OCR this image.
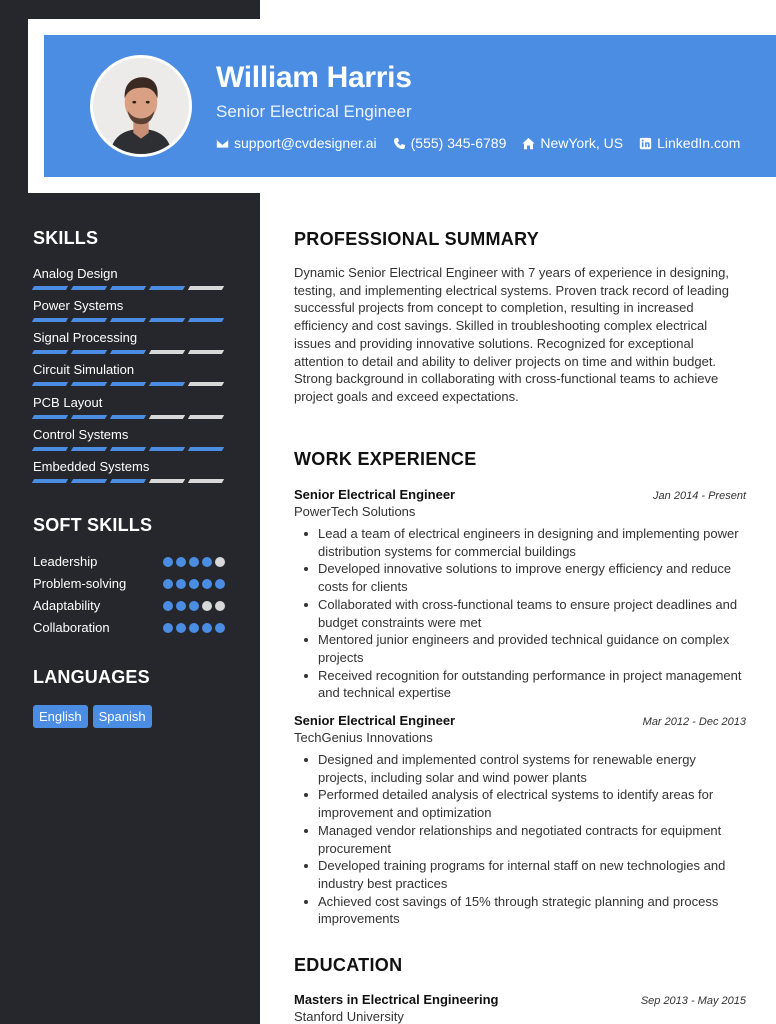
William Harris
Senior Electrical Engineer
support@cvdesigner.ai (555) 345-6789 NewYork, US LinkedIn.com
SKILLS
Analog Design
Power Systems
Signal Processing
Circuit Simulation
PCB Layout
Control Systems
Embedded Systems
SOFT SKILLS
Leadership
Problem-solving
Adaptability
Collaboration
LANGUAGES
English	Spanish
PROFESSIONAL SUMMARY
Dynamic Senior Electrical Engineer with 7 years of experience in designing, testing, and implementing electrical systems. Proven track record of leading successful projects from concept to completion, resulting in increased efficiency and cost savings. Skilled in troubleshooting complex electrical issues and providing innovative solutions. Recognized for exceptional attention to detail and ability to deliver projects on time and within budget. Strong background in collaborating with cross-functional teams to achieve project goals and exceed expectations.
WORK EXPERIENCE
Senior Electrical Engineer	Jan 2014 - Present
PowerTech Solutions
Lead a team of electrical engineers in designing and implementing power distribution systems for commercial buildings
Developed innovative solutions to improve energy efficiency and reduce costs for clients
Collaborated with cross-functional teams to ensure project deadlines and budget constraints were met
Mentored junior engineers and provided technical guidance on complex projects
Received recognition for outstanding performance in project management and technical expertise
Senior Electrical Engineer	Mar 2012 - Dec 2013
TechGenius Innovations
Designed and implemented control systems for renewable energy projects, including solar and wind power plants
Performed detailed analysis of electrical systems to identify areas for improvement and optimization
Managed vendor relationships and negotiated contracts for equipment procurement
Developed training programs for internal staff on new technologies and industry best practices
Achieved cost savings of 15% through strategic planning and process improvements
EDUCATION
Masters in Electrical Engineering	Sep 2013 - May 2015
Stanford University
